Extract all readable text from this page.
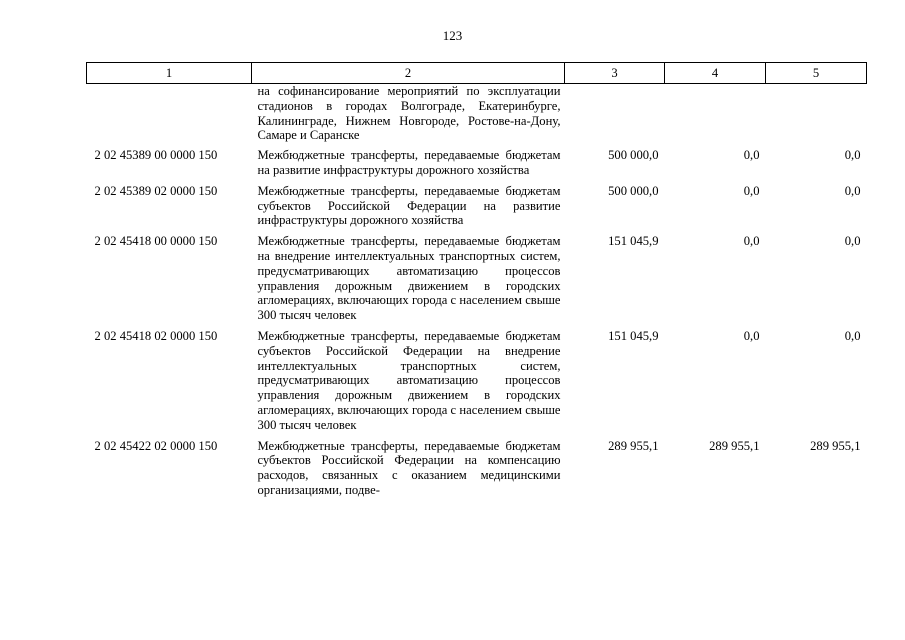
123
1	2	3	4	5
	на софинансирование мероприятий по эксплуатации стадионов в городах Волгограде, Екатеринбурге, Калининграде, Нижнем Новгороде, Ростове-на-Дону, Самаре и Саранске			
2 02 45389 00 0000 150	Межбюджетные трансферты, передаваемые бюджетам на развитие инфраструктуры дорожного хозяйства	500 000,0	0,0	0,0
2 02 45389 02 0000 150	Межбюджетные трансферты, передаваемые бюджетам субъектов Российской Федерации на развитие инфраструктуры дорожного хозяйства	500 000,0	0,0	0,0
2 02 45418 00 0000 150	Межбюджетные трансферты, передаваемые бюджетам на внедрение интеллектуальных транспортных систем, предусматривающих автоматизацию процессов управления дорожным движением в городских агломерациях, включающих города с населением свыше 300 тысяч человек	151 045,9	0,0	0,0
2 02 45418 02 0000 150	Межбюджетные трансферты, передаваемые бюджетам субъектов Российской Федерации на внедрение интеллектуальных транспортных систем, предусматривающих автоматизацию процессов управления дорожным движением в городских агломерациях, включающих города с населением свыше 300 тысяч человек	151 045,9	0,0	0,0
2 02 45422 02 0000 150	Межбюджетные трансферты, передаваемые бюджетам субъектов Российской Федерации на компенсацию расходов, связанных с оказанием медицинскими организациями, подве-	289 955,1	289 955,1	289 955,1
